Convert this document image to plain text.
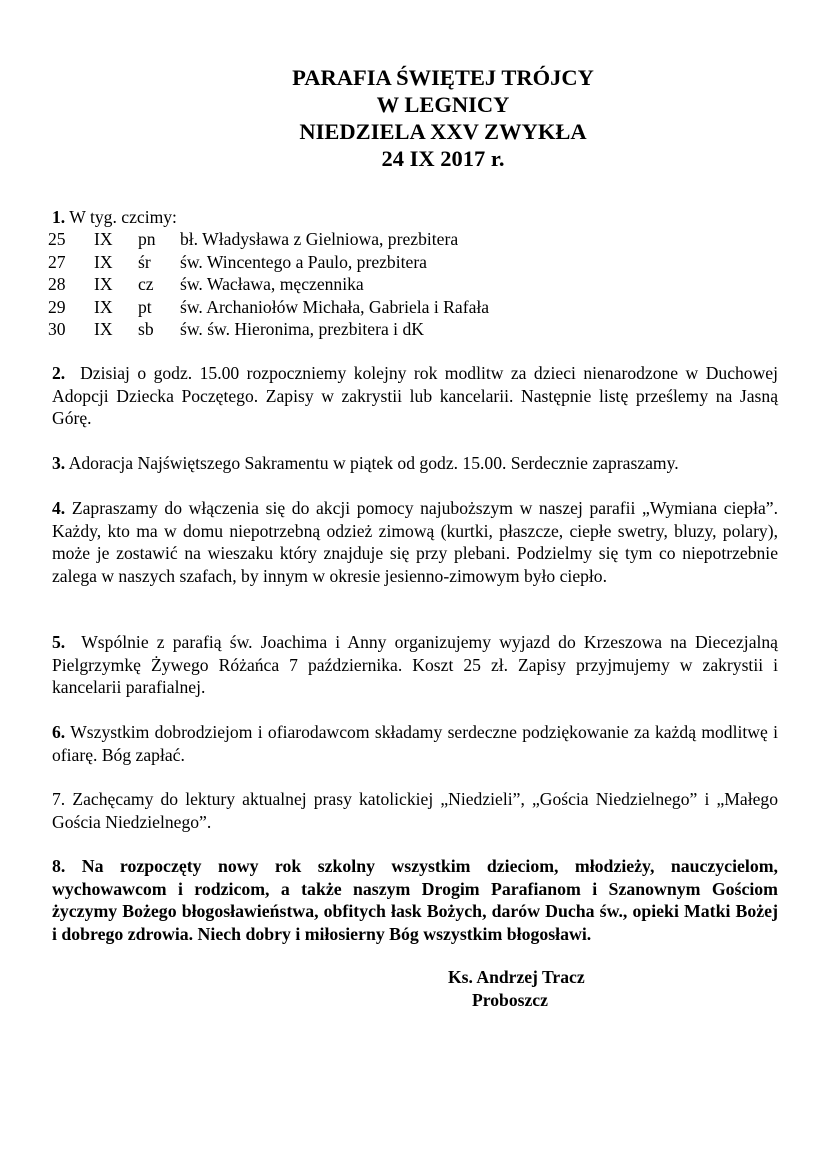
PARAFIA ŚWIĘTEJ TRÓJCY
W LEGNICY
NIEDZIELA XXV ZWYKŁA
24 IX 2017 r.
1. W tyg. czcimy:
25 IX pn bł. Władysława z Gielniowa, prezbitera
27 IX śr św. Wincentego a Paulo, prezbitera
28 IX cz św. Wacława, męczennika
29 IX pt św. Archaniołów Michała, Gabriela i Rafała
30 IX sb św. św. Hieronima, prezbitera i dK
2. Dzisiaj o godz. 15.00 rozpoczniemy kolejny rok modlitw za dzieci nienarodzone w Duchowej Adopcji Dziecka Poczętego. Zapisy w zakrystii lub kancelarii. Następnie listę prześlemy na Jasną Górę.
3. Adoracja Najświętszego Sakramentu w piątek od godz. 15.00. Serdecznie zapraszamy.
4. Zapraszamy do włączenia się do akcji pomocy najuboższym w naszej parafii „Wymiana ciepła”. Każdy, kto ma w domu niepotrzebną odzież zimową (kurtki, płaszcze, ciepłe swetry, bluzy, polary), może je zostawić na wieszaku który znajduje się przy plebani. Podzielmy się tym co niepotrzebnie zalega w naszych szafach, by innym w okresie jesienno-zimowym było ciepło.
5. Wspólnie z parafią św. Joachima i Anny organizujemy wyjazd do Krzeszowa na Diecezjalną Pielgrzymkę Żywego Różańca 7 października. Koszt 25 zł. Zapisy przyjmujemy w zakrystii i kancelarii parafialnej.
6. Wszystkim dobrodziejom i ofiarodawcom składamy serdeczne podziękowanie za każdą modlitwę i ofiarę. Bóg zapłać.
7. Zachęcamy do lektury aktualnej prasy katolickiej „Niedzieli”, „Gościa Niedzielnego” i „Małego Gościa Niedzielnego”.
8. Na rozpoczęty nowy rok szkolny wszystkim dzieciom, młodzieży, nauczycielom, wychowawcom i rodzicom, a także naszym Drogim Parafianom i Szanownym Gościom życzymy Bożego błogosławieństwa, obfitych łask Bożych, darów Ducha św., opieki Matki Bożej i dobrego zdrowia. Niech dobry i miłosierny Bóg wszystkim błogosławi.
Ks. Andrzej Tracz
Proboszcz
